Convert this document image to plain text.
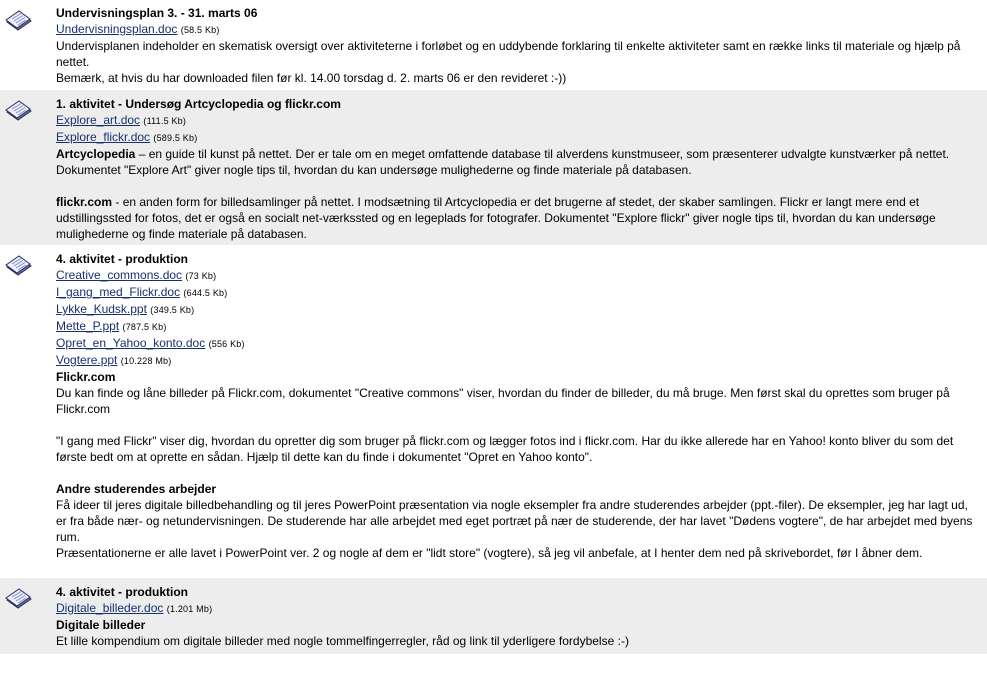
Undervisningsplan 3. - 31. marts 06
Undervisningsplan.doc (58.5 Kb)

Undervisplanen indeholder en skematisk oversigt over aktiviteterne i forløbet og en uddybende forklaring til enkelte aktiviteter samt en række links til materiale og hjælp på nettet.

Bemærk, at hvis du har downloaded filen før kl. 14.00 torsdag d. 2. marts 06 er den revideret :-))

1. aktivitet - Undersøg Artcyclopedia og flickr.com
Explore_art.doc (111.5 Kb)
Explore_flickr.doc (589.5 Kb)

Artcyclopedia – en guide til kunst på nettet. Der er tale om en meget omfattende database til alverdens kunstmuseer, som præsenterer udvalgte kunstværker på nettet. Dokumentet "Explore Art" giver nogle tips til, hvordan du kan undersøge mulighederne og finde materiale på databasen.

flickr.com - en anden form for billedsamlinger på nettet. I modsætning til Artcyclopedia er det brugerne af stedet, der skaber samlingen. Flickr er langt mere end et udstillingssted for fotos, det er også en socialt net-værkssted og en legeplads for fotografer. Dokumentet "Explore flickr" giver nogle tips til, hvordan du kan undersøge mulighederne og finde materiale på databasen.

4. aktivitet - produktion
Creative_commons.doc (73 Kb)
I_gang_med_Flickr.doc (644.5 Kb)
Lykke_Kudsk.ppt (349.5 Kb)
Mette_P.ppt (787.5 Kb)
Opret_en_Yahoo_konto.doc (556 Kb)
Vogtere.ppt (10.228 Mb)
Flickr.com

Du kan finde og låne billeder på Flickr.com, dokumentet "Creative commons" viser, hvordan du finder de billeder, du må bruge. Men først skal du oprettes som bruger på Flickr.com

"I gang med Flickr" viser dig, hvordan du opretter dig som bruger på flickr.com og lægger fotos ind i flickr.com. Har du ikke allerede har en Yahoo! konto bliver du som det første bedt om at oprette en sådan. Hjælp til dette kan du finde i dokumentet "Opret en Yahoo konto".

Andre studerendes arbejder

Få ideer til jeres digitale billedbehandling og til jeres PowerPoint præsentation via nogle eksempler fra andre studerendes arbejder (ppt.-filer). De eksempler, jeg har lagt ud, er fra både nær- og netundervisningen. De studerende har alle arbejdet med eget portræt på nær de studerende, der har lavet "Dødens vogtere", de har arbejdet med byens rum.

Præsentationerne er alle lavet i PowerPoint ver. 2 og nogle af dem er "lidt store" (vogtere), så jeg vil anbefale, at I henter dem ned på skrivebordet, før I åbner dem.

4. aktivitet - produktion
Digitale_billeder.doc (1.201 Mb)
Digitale billeder

Et lille kompendium om digitale billeder med nogle tommelfingerregler, råd og link til yderligere fordybelse :-)
